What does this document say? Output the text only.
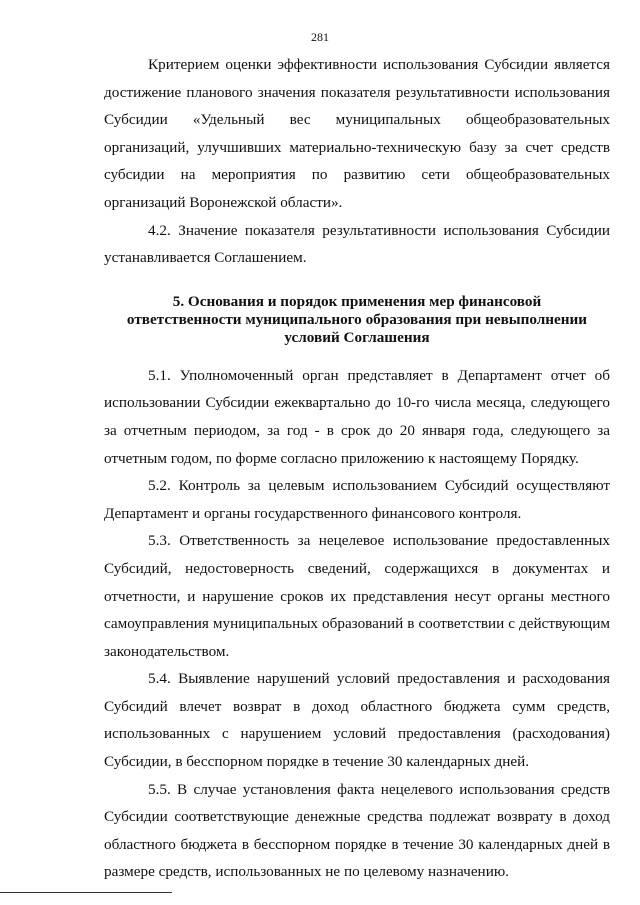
281

Критерием оценки эффективности использования Субсидии является достижение планового значения показателя результативности использования Субсидии «Удельный вес муниципальных общеобразовательных организаций, улучшивших материально-техническую базу за счет средств субсидии на мероприятия по развитию сети общеобразовательных организаций Воронежской области».

4.2. Значение показателя результативности использования Субсидии устанавливается Соглашением.

5. Основания и порядок применения мер финансовой
ответственности муниципального образования при невыполнении
условий Соглашения

5.1. Уполномоченный орган представляет в Департамент отчет об использовании Субсидии ежеквартально до 10-го числа месяца, следующего за отчетным периодом, за год - в срок до 20 января года, следующего за отчетным годом, по форме согласно приложению к настоящему Порядку.

5.2. Контроль за целевым использованием Субсидий осуществляют Департамент и органы государственного финансового контроля.

5.3. Ответственность за нецелевое использование предоставленных Субсидий, недостоверность сведений, содержащихся в документах и отчетности, и нарушение сроков их представления несут органы местного самоуправления муниципальных образований в соответствии с действующим законодательством.

5.4. Выявление нарушений условий предоставления и расходования Субсидий влечет возврат в доход областного бюджета сумм средств, использованных с нарушением условий предоставления (расходования) Субсидии, в бесспорном порядке в течение 30 календарных дней.

5.5. В случае установления факта нецелевого использования средств Субсидии соответствующие денежные средства подлежат возврату в доход областного бюджета в бесспорном порядке в течение 30 календарных дней в размере средств, использованных не по целевому назначению.
